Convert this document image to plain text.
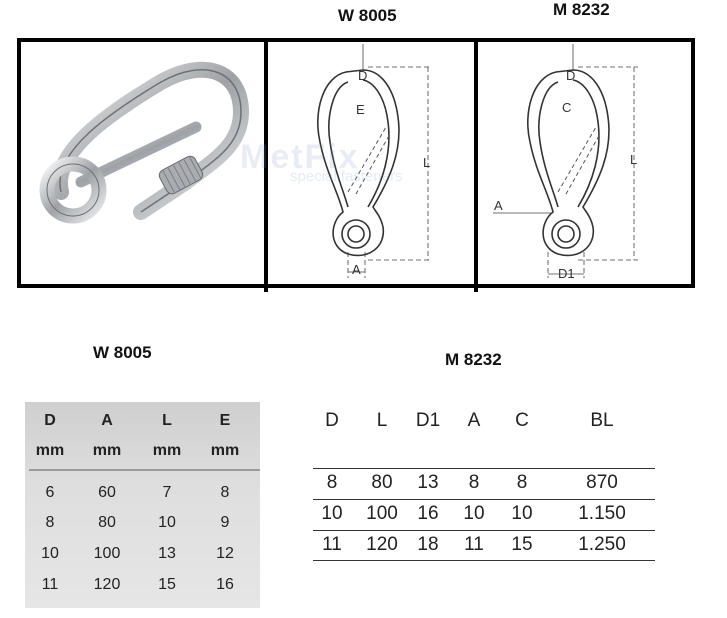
W 8005	M 8232
D
E
L
A
D
C
L
A
D1
MetFix
special fasteners
W 8005	M 8232
D	A	L	E
mm	mm	mm	mm
6	60	7	8
8	80	10	9
10	100	13	12
11	120	15	16
D	L	D1	A	C	BL
8	80	13	8	8	870
10	100	16	10	10	1.150
11	120	18	11	15	1.250
